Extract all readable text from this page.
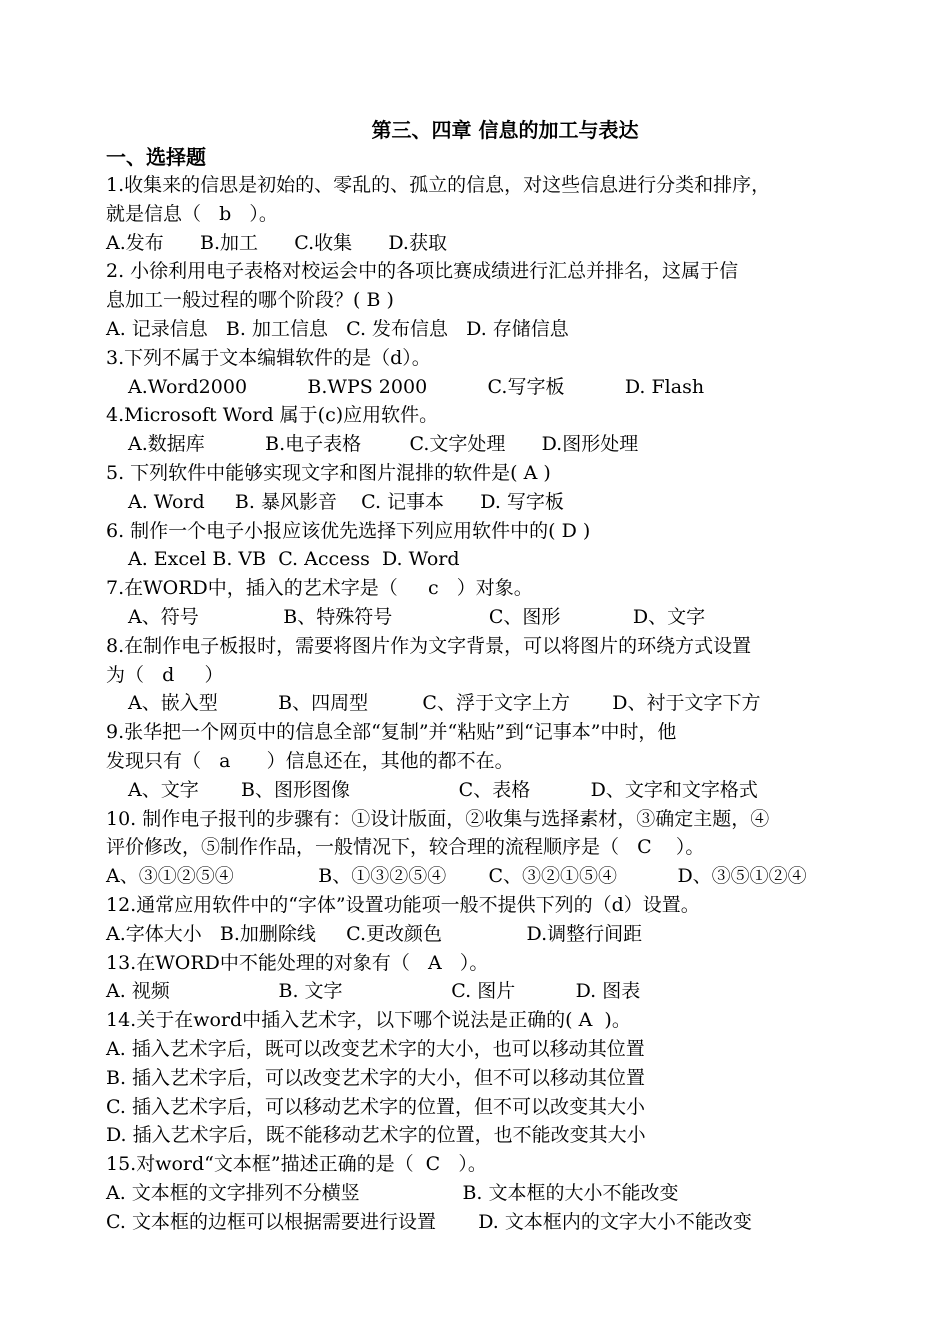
第三、四章 信息的加工与表达
一、选择题
1.收集来的信思是初始的、零乱的、孤立的信息，对这些信息进行分类和排序，
就是信息（   b   ）。
A.发布      B.加工      C.收集      D.获取
2. 小徐利用电子表格对校运会中的各项比赛成绩进行汇总并排名，这属于信
息加工一般过程的哪个阶段？( B )
A. 记录信息   B. 加工信息   C. 发布信息   D. 存储信息
3.下列不属于文本编辑软件的是（d）。
A.Word2000          B.WPS 2000          C.写字板          D. Flash
4.Microsoft Word 属于(c)应用软件。
A.数据库          B.电子表格        C.文字处理      D.图形处理
5. 下列软件中能够实现文字和图片混排的软件是( A )
A. Word     B. 暴风影音    C. 记事本      D. 写字板
6. 制作一个电子小报应该优先选择下列应用软件中的( D )
A. Excel B. VB  C. Access  D. Word
7.在WORD中，插入的艺术字是（     c   ）对象。
A、符号              B、特殊符号                C、图形            D、文字
8.在制作电子板报时，需要将图片作为文字背景，可以将图片的环绕方式设置
为（   d     ）
A、嵌入型          B、四周型         C、浮于文字上方       D、衬于文字下方
9.张华把一个网页中的信息全部“复制”并“粘贴”到“记事本”中时，他
发现只有（   a      ）信息还在，其他的都不在。
A、文字       B、图形图像                  C、表格          D、文字和文字格式
10. 制作电子报刊的步骤有：①设计版面，②收集与选择素材，③确定主题，④
评价修改，⑤制作作品，一般情况下，较合理的流程顺序是（   C    ）。
A、③①②⑤④              B、①③②⑤④       C、③②①⑤④          D、③⑤①②④
12.通常应用软件中的“字体”设置功能项一般不提供下列的（d）设置。
A.字体大小   B.加删除线     C.更改颜色              D.调整行间距
13.在WORD中不能处理的对象有（   A   ）。
A. 视频                  B. 文字                  C. 图片          D. 图表
14.关于在word中插入艺术字，以下哪个说法是正确的( A  )。
A. 插入艺术字后，既可以改变艺术字的大小，也可以移动其位置
B. 插入艺术字后，可以改变艺术字的大小，但不可以移动其位置
C. 插入艺术字后，可以移动艺术字的位置，但不可以改变其大小
D. 插入艺术字后，既不能移动艺术字的位置，也不能改变其大小
15.对word“文本框”描述正确的是（  C   ）。
A. 文本框的文字排列不分横竖                 B. 文本框的大小不能改变
C. 文本框的边框可以根据需要进行设置       D. 文本框内的文字大小不能改变
